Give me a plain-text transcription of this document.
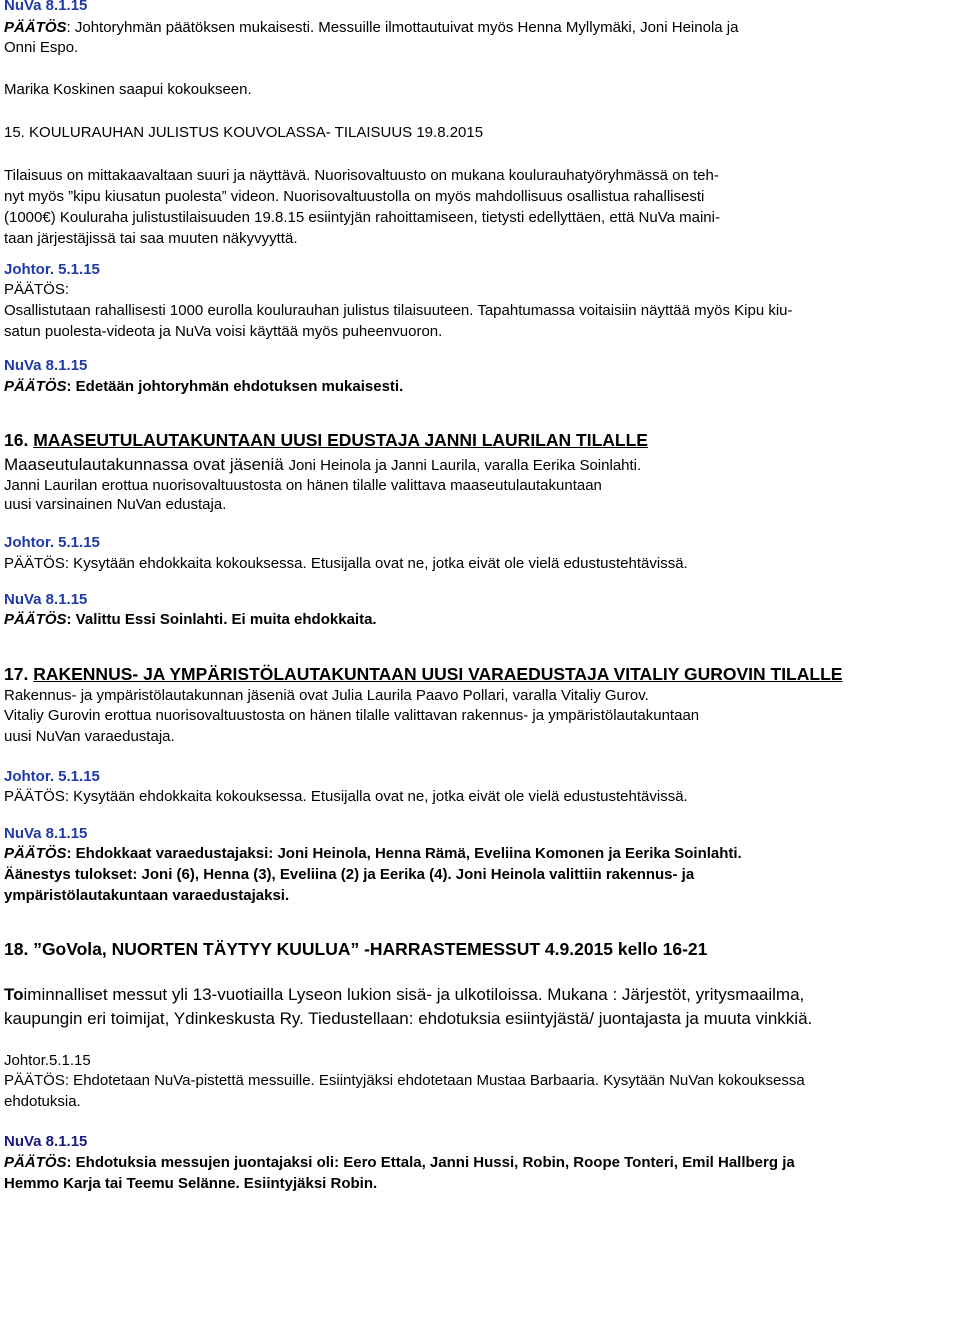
NuVa 8.1.15
PÄÄTÖS: Johtoryhmän päätöksen mukaisesti. Messuille ilmottautuivat myös Henna Myllymäki, Joni Heinola ja
Onni Espo.
Marika Koskinen saapui kokoukseen.
15. KOULURAUHAN JULISTUS KOUVOLASSA- TILAISUUS 19.8.2015
Tilaisuus on mittakaavaltaan suuri ja näyttävä. Nuorisovaltuusto on mukana koulurauhatyöryhmässä on teh-
nyt myös ”kipu kiusatun puolesta” videon. Nuorisovaltuustolla on myös mahdollisuus osallistua rahallisesti
(1000€) Kouluraha julistustilaisuuden 19.8.15 esiintyjän rahoittamiseen, tietysti edellyttäen, että NuVa maini-
taan järjestäjissä tai saa muuten näkyvyyttä.
Johtor. 5.1.15
PÄÄTÖS:
Osallistutaan rahallisesti 1000 eurolla koulurauhan julistus tilaisuuteen. Tapahtumassa voitaisiin näyttää myös Kipu kiu-
satun puolesta-videota ja NuVa voisi käyttää myös puheenvuoron.
NuVa 8.1.15
PÄÄTÖS: Edetään johtoryhmän ehdotuksen mukaisesti.
16. MAASEUTULAUTAKUNTAAN UUSI EDUSTAJA JANNI LAURILAN TILALLE
Maaseutulautakunnassa ovat jäseniä Joni Heinola ja Janni Laurila, varalla Eerika Soinlahti.
Janni Laurilan erottua nuorisovaltuustosta on hänen tilalle valittava maaseutulautakuntaan
uusi varsinainen NuVan edustaja.
Johtor. 5.1.15
PÄÄTÖS: Kysytään ehdokkaita kokouksessa. Etusijalla ovat ne, jotka eivät ole vielä edustustehtävissä.
NuVa 8.1.15
PÄÄTÖS: Valittu Essi Soinlahti. Ei muita ehdokkaita.
17. RAKENNUS- JA YMPÄRISTÖLAUTAKUNTAAN UUSI VARAEDUSTAJA VITALIY GUROVIN TILALLE
Rakennus- ja ympäristölautakunnan jäseniä ovat Julia Laurila Paavo Pollari, varalla Vitaliy Gurov.
Vitaliy Gurovin erottua nuorisovaltuustosta on hänen tilalle valittavan rakennus- ja ympäristölautakuntaan
uusi NuVan varaedustaja.
Johtor. 5.1.15
PÄÄTÖS: Kysytään ehdokkaita kokouksessa. Etusijalla ovat ne, jotka eivät ole vielä edustustehtävissä.
NuVa 8.1.15
PÄÄTÖS: Ehdokkaat varaedustajaksi: Joni Heinola, Henna Rämä, Eveliina Komonen ja Eerika Soinlahti.
Äänestys tulokset: Joni (6), Henna (3), Eveliina (2) ja Eerika (4). Joni Heinola valittiin rakennus- ja
ympäristölautakuntaan varaedustajaksi.
18. ”GoVola, NUORTEN TÄYTYY KUULUA” -HARRASTEMESSUT 4.9.2015 kello 16-21
Toiminnalliset messut yli 13-vuotiailla Lyseon lukion sisä- ja ulkotiloissa. Mukana : Järjestöt, yritysmaailma,
kaupungin eri toimijat, Ydinkeskusta Ry. Tiedustellaan: ehdotuksia esiintyjästä/ juontajasta ja muuta vinkkiä.
Johtor.5.1.15
PÄÄTÖS: Ehdotetaan NuVa-pistettä messuille. Esiintyjäksi ehdotetaan Mustaa Barbaaria. Kysytään NuVan kokouksessa
ehdotuksia.
NuVa 8.1.15
PÄÄTÖS: Ehdotuksia messujen juontajaksi oli: Eero Ettala, Janni Hussi, Robin, Roope Tonteri, Emil Hallberg ja
Hemmo Karja tai Teemu Selänne. Esiintyjäksi Robin.
